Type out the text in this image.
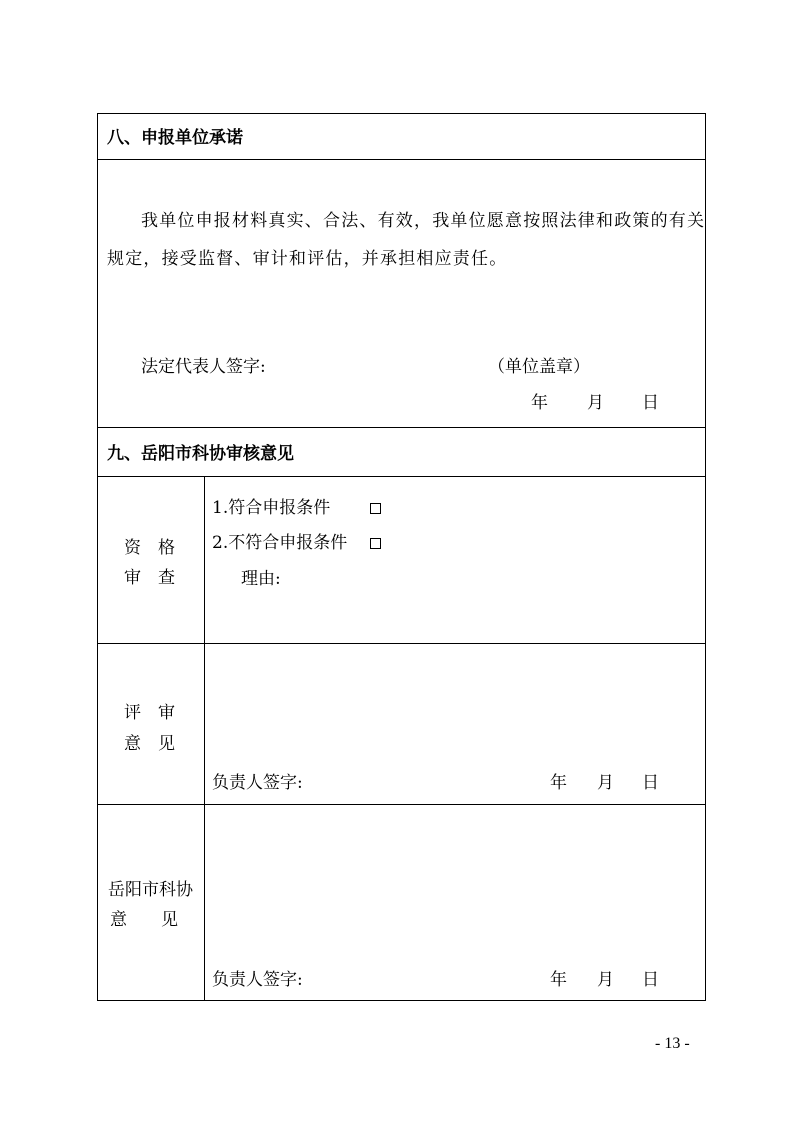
八、申报单位承诺
我单位申报材料真实、合法、有效，我单位愿意按照法律和政策的有关
规定，接受监督、审计和评估，并承担相应责任。
法定代表人签字:	（单位盖章）
年 月 日
九、岳阳市科协审核意见
资　格
审　查
1.符合申报条件
2.不符合申报条件
理由:
评　审
意　见
负责人签字:	年 月 日
岳阳市科协
意　　见
负责人签字:	年 月 日
- 13 -
